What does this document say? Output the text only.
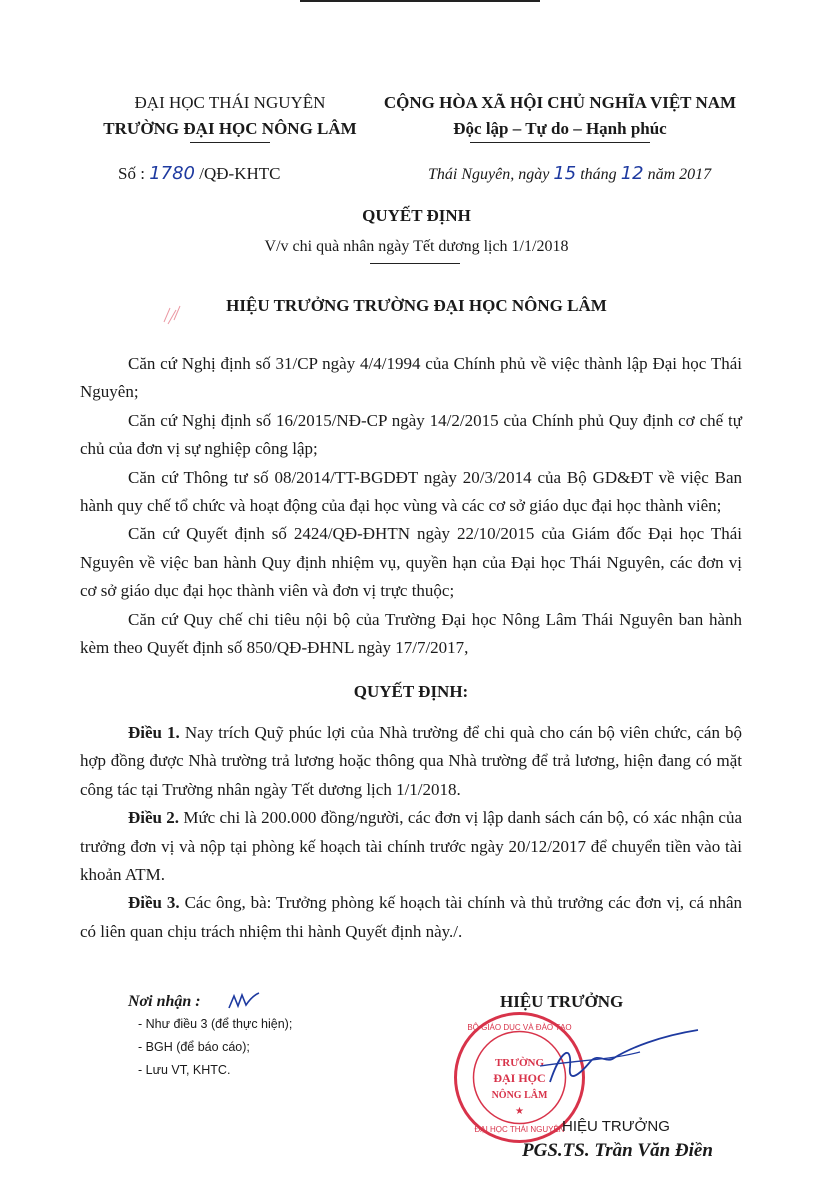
ĐẠI HỌC THÁI NGUYÊN
TRƯỜNG ĐẠI HỌC NÔNG LÂM
CỘNG HÒA XÃ HỘI CHỦ NGHĨA VIỆT NAM
Độc lập – Tự do – Hạnh phúc
Số : 1780 /QĐ-KHTC	Thái Nguyên, ngày 15 tháng 12 năm 2017
QUYẾT ĐỊNH
V/v chi quà nhân ngày Tết dương lịch 1/1/2018
HIỆU TRƯỞNG TRƯỜNG ĐẠI HỌC NÔNG LÂM

Căn cứ Nghị định số 31/CP ngày 4/4/1994 của Chính phủ về việc thành lập Đại học Thái Nguyên;

Căn cứ Nghị định số 16/2015/NĐ-CP ngày 14/2/2015 của Chính phủ Quy định cơ chế tự chủ của đơn vị sự nghiệp công lập;

Căn cứ Thông tư số 08/2014/TT-BGDĐT ngày 20/3/2014 của Bộ GD&ĐT về việc Ban hành quy chế tổ chức và hoạt động của đại học vùng và các cơ sở giáo dục đại học thành viên;

Căn cứ Quyết định số 2424/QĐ-ĐHTN ngày 22/10/2015 của Giám đốc Đại học Thái Nguyên về việc ban hành Quy định nhiệm vụ, quyền hạn của Đại học Thái Nguyên, các đơn vị cơ sở giáo dục đại học thành viên và đơn vị trực thuộc;

Căn cứ Quy chế chi tiêu nội bộ của Trường Đại học Nông Lâm Thái Nguyên ban hành kèm theo Quyết định số 850/QĐ-ĐHNL ngày 17/7/2017,

QUYẾT ĐỊNH:

Điều 1. Nay trích Quỹ phúc lợi của Nhà trường để chi quà cho cán bộ viên chức, cán bộ hợp đồng được Nhà trường trả lương hoặc thông qua Nhà trường để trả lương, hiện đang có mặt công tác tại Trường nhân ngày Tết dương lịch 1/1/2018.

Điều 2. Mức chi là 200.000 đồng/người, các đơn vị lập danh sách cán bộ, có xác nhận của trưởng đơn vị và nộp tại phòng kế hoạch tài chính trước ngày 20/12/2017 để chuyển tiền vào tài khoản ATM.

Điều 3. Các ông, bà: Trưởng phòng kế hoạch tài chính và thủ trưởng các đơn vị, cá nhân có liên quan chịu trách nhiệm thi hành Quyết định này./.

Nơi nhận :
- Như điều 3 (để thực hiện);
- BGH (để báo cáo);
- Lưu VT, KHTC.
HIỆU TRƯỞNG
TRƯỜNG
ĐẠI HỌC
NÔNG LÂM
BỘ GIÁO DỤC VÀ ĐÀO TẠO
ĐẠI HỌC THÁI NGUYÊN
★
HIỆU TRƯỞNG
PGS.TS. Trần Văn Điền
